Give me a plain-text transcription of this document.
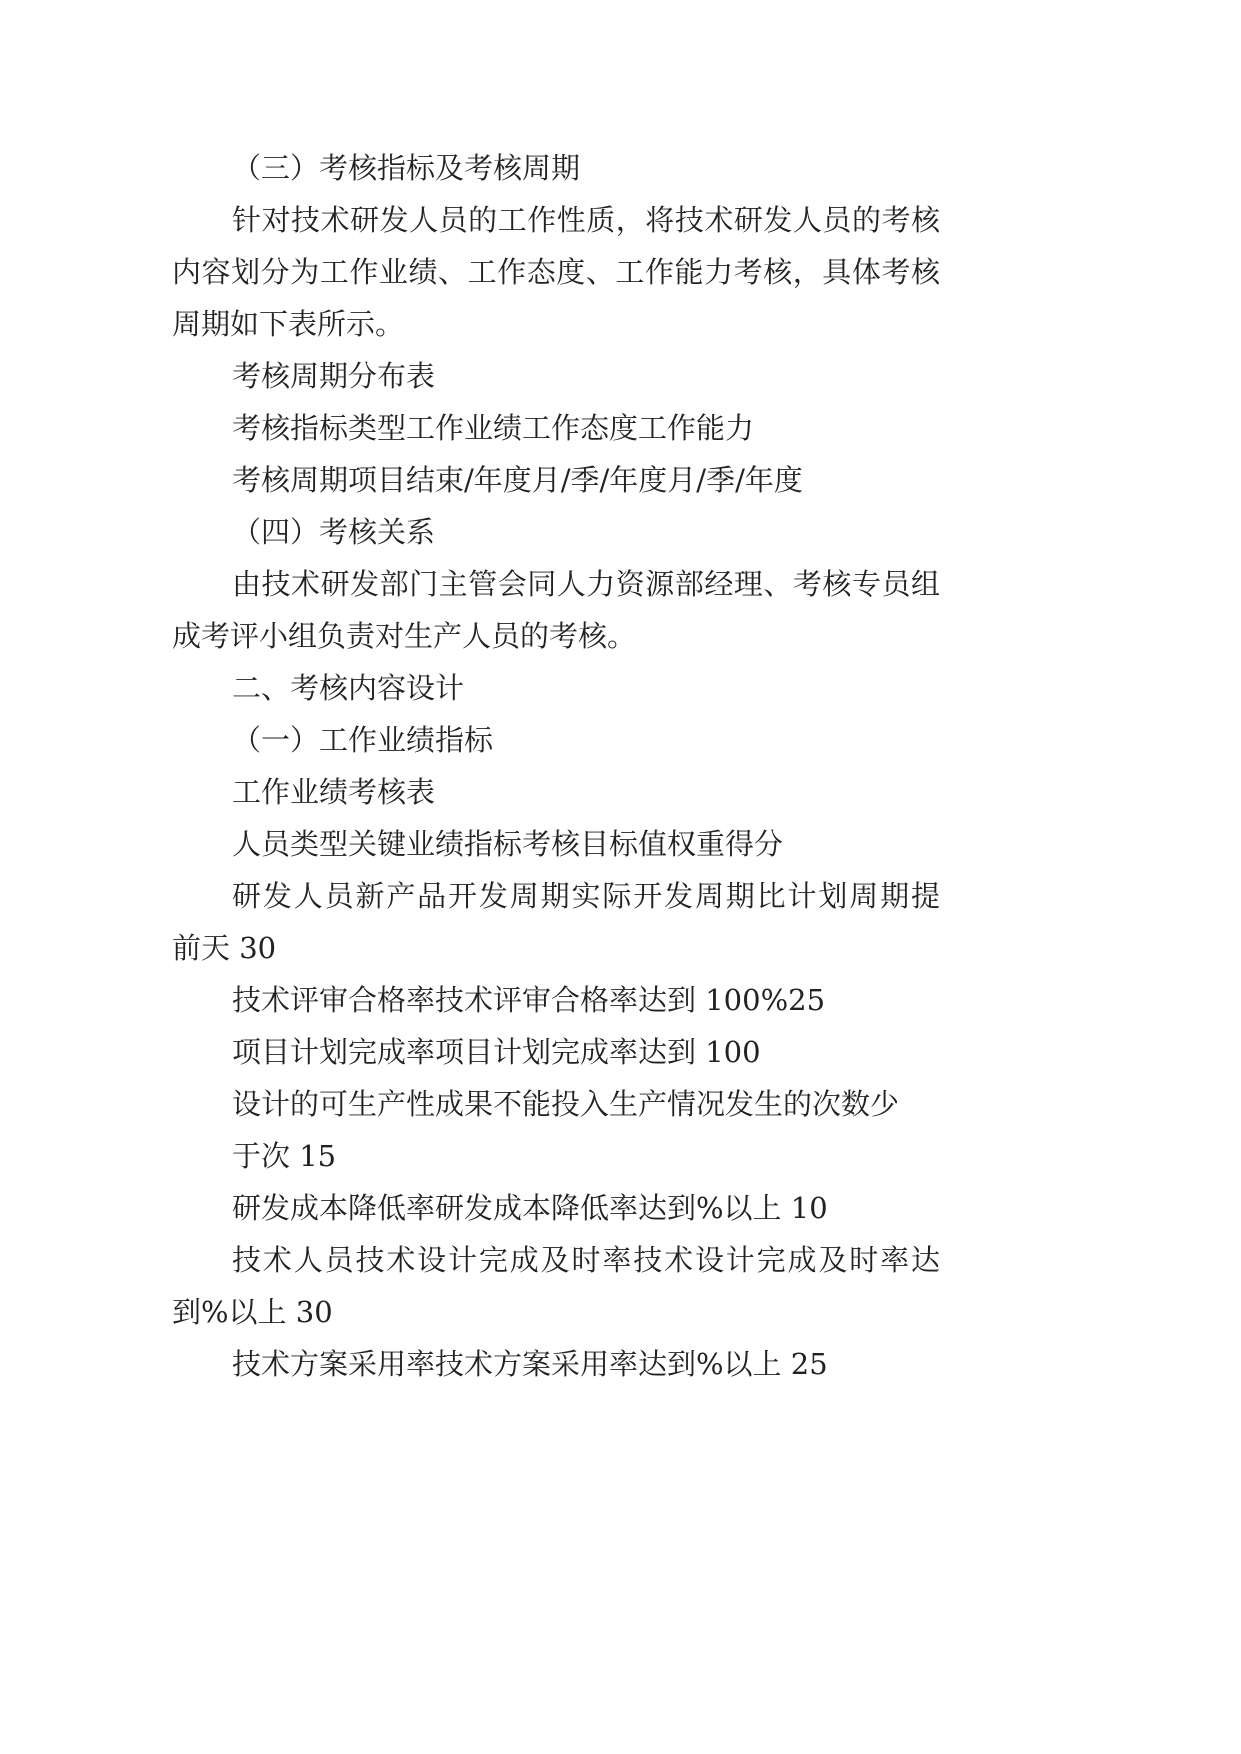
（三）考核指标及考核周期

针对技术研发人员的工作性质，将技术研发人员的考核

内容划分为工作业绩、工作态度、工作能力考核，具体考核

周期如下表所示。

考核周期分布表

考核指标类型工作业绩工作态度工作能力

考核周期项目结束/年度月/季/年度月/季/年度

（四）考核关系

由技术研发部门主管会同人力资源部经理、考核专员组

成考评小组负责对生产人员的考核。

二、考核内容设计

（一）工作业绩指标

工作业绩考核表

人员类型关键业绩指标考核目标值权重得分

研发人员新产品开发周期实际开发周期比计划周期提

前天 30

技术评审合格率技术评审合格率达到 100%25

项目计划完成率项目计划完成率达到 100

设计的可生产性成果不能投入生产情况发生的次数少

于次 15

研发成本降低率研发成本降低率达到%以上 10

技术人员技术设计完成及时率技术设计完成及时率达

到%以上 30

技术方案采用率技术方案采用率达到%以上 25
